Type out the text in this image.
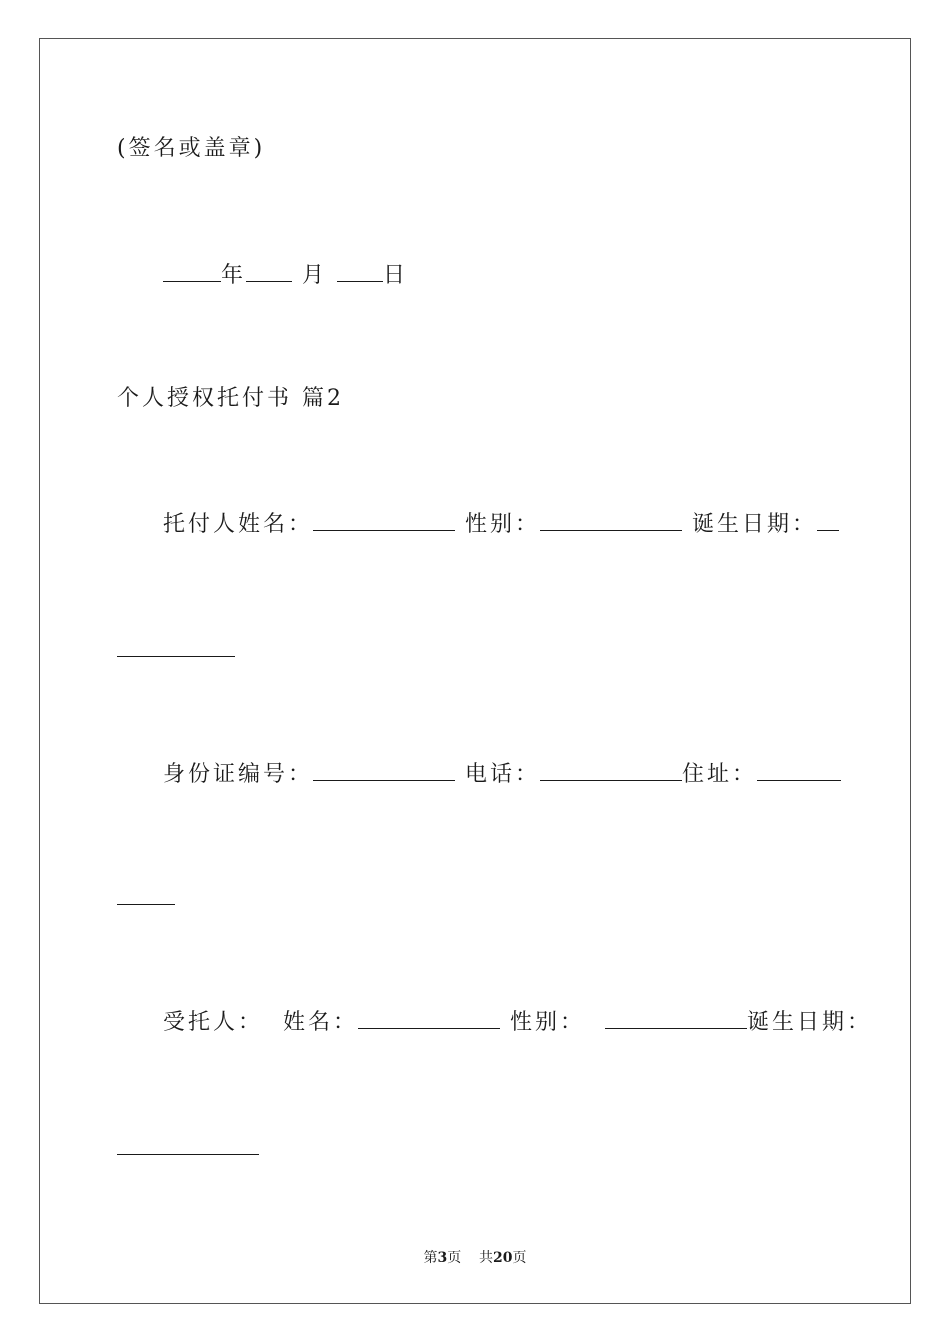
(签名或盖章)
年	月	日
个人授权托付书 篇2
托付人姓名：	性别：	诞生日期：
身份证编号：	电话：	住址：
受托人： 姓名：	性别：	诞生日期：
第3页 共20页
